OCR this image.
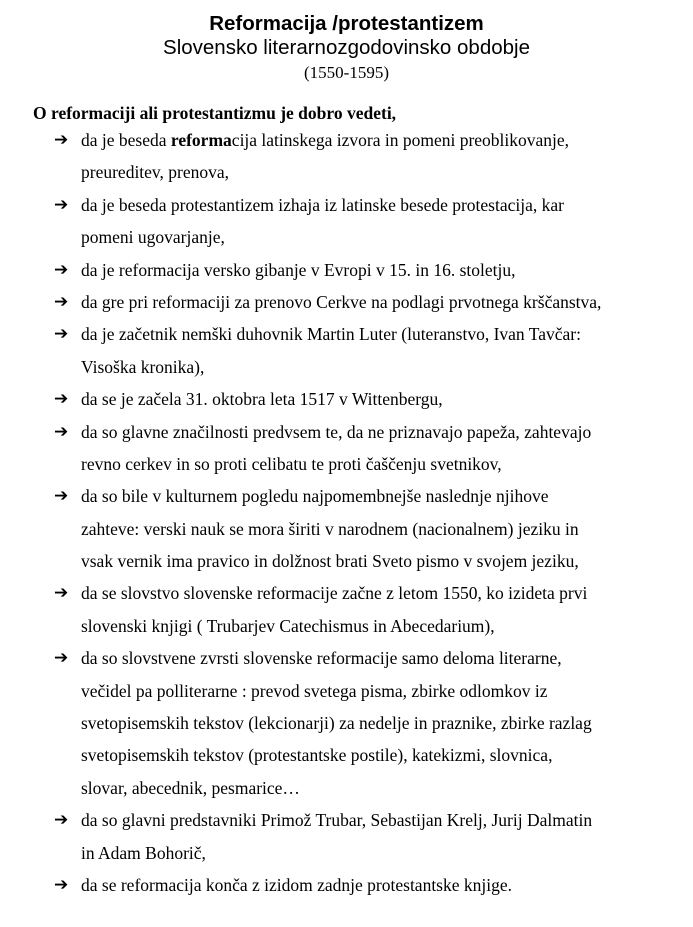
Reformacija /protestantizem
Slovensko literarnozgodovinsko obdobje
(1550-1595)
O reformaciji ali protestantizmu je dobro vedeti,
➔ da je beseda reformacija latinskega izvora in pomeni preoblikovanje,
preureditev, prenova,
➔ da je beseda protestantizem izhaja iz latinske besede protestacija, kar
pomeni ugovarjanje,
➔ da je reformacija versko gibanje v Evropi v 15. in 16. stoletju,
➔ da gre pri reformaciji za prenovo Cerkve na podlagi prvotnega krščanstva,
➔ da je začetnik nemški duhovnik Martin Luter (luteranstvo, Ivan Tavčar:
Visoška kronika),
➔ da se je začela 31. oktobra leta 1517 v Wittenbergu,
➔ da so glavne značilnosti predvsem te, da ne priznavajo papeža, zahtevajo
revno cerkev in so proti celibatu te proti čaščenju svetnikov,
➔ da so bile v kulturnem pogledu najpomembnejše naslednje njihove
zahteve: verski nauk se mora širiti v narodnem (nacionalnem) jeziku in
vsak vernik ima pravico in dolžnost brati Sveto pismo v svojem jeziku,
➔ da se slovstvo slovenske reformacije začne z letom 1550, ko izideta prvi
slovenski knjigi ( Trubarjev Catechismus in Abecedarium),
➔ da so slovstvene zvrsti slovenske reformacije samo deloma literarne,
večidel pa polliterarne : prevod svetega pisma, zbirke odlomkov iz
svetopisemskih tekstov (lekcionarji) za nedelje in praznike, zbirke razlag
svetopisemskih tekstov (protestantske postile), katekizmi, slovnica,
slovar, abecednik, pesmarice…
➔ da so glavni predstavniki Primož Trubar, Sebastijan Krelj, Jurij Dalmatin
in Adam Bohorič,
➔ da se reformacija konča z izidom zadnje protestantske knjige.
